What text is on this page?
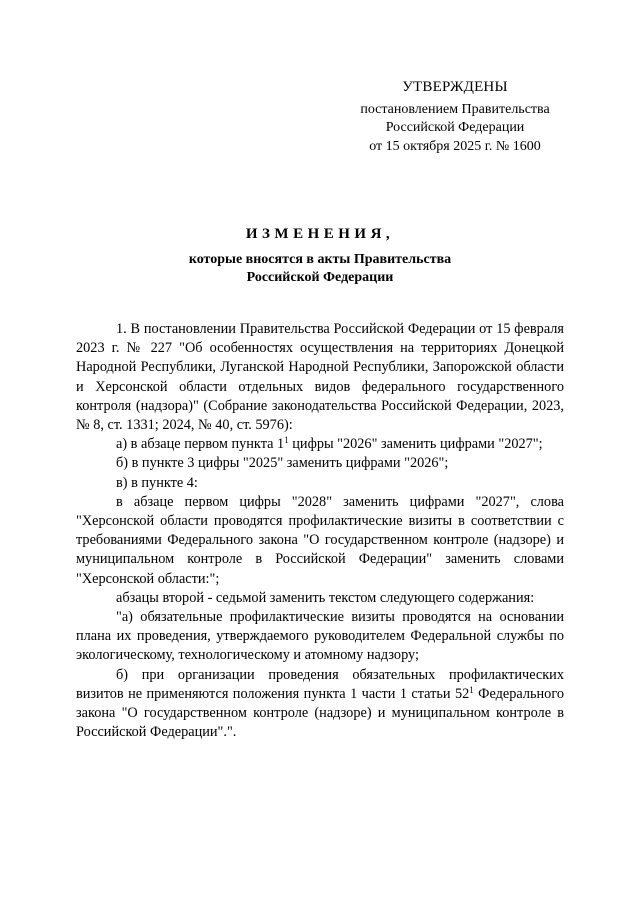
УТВЕРЖДЕНЫ
постановлением Правительства
Российской Федерации
от 15 октября 2025 г. № 1600
ИЗМЕНЕНИЯ,
которые вносятся в акты Правительства
Российской Федерации

1. В постановлении Правительства Российской Федерации от 15 февраля 2023 г. № 227 "Об особенностях осуществления на территориях Донецкой Народной Республики, Луганской Народной Республики, Запорожской области и Херсонской области отдельных видов федерального государственного контроля (надзора)" (Собрание законодательства Российской Федерации, 2023, № 8, ст. 1331; 2024, № 40, ст. 5976):

а) в абзаце первом пункта $1^1$ цифры "2026" заменить цифрами "2027";

б) в пункте 3 цифры "2025" заменить цифрами "2026";

в) в пункте 4:

в абзаце первом цифры "2028" заменить цифрами "2027", слова "Херсонской области проводятся профилактические визиты в соответствии с требованиями Федерального закона "О государственном контроле (надзоре) и муниципальном контроле в Российской Федерации" заменить словами "Херсонской области:";

абзацы второй - седьмой заменить текстом следующего содержания:

"а) обязательные профилактические визиты проводятся на основании плана их проведения, утверждаемого руководителем Федеральной службы по экологическому, технологическому и атомному надзору;

б) при организации проведения обязательных профилактических визитов не применяются положения пункта 1 части 1 статьи $52^1$ Федерального закона "О государственном контроле (надзоре) и муниципальном контроле в Российской Федерации".".
